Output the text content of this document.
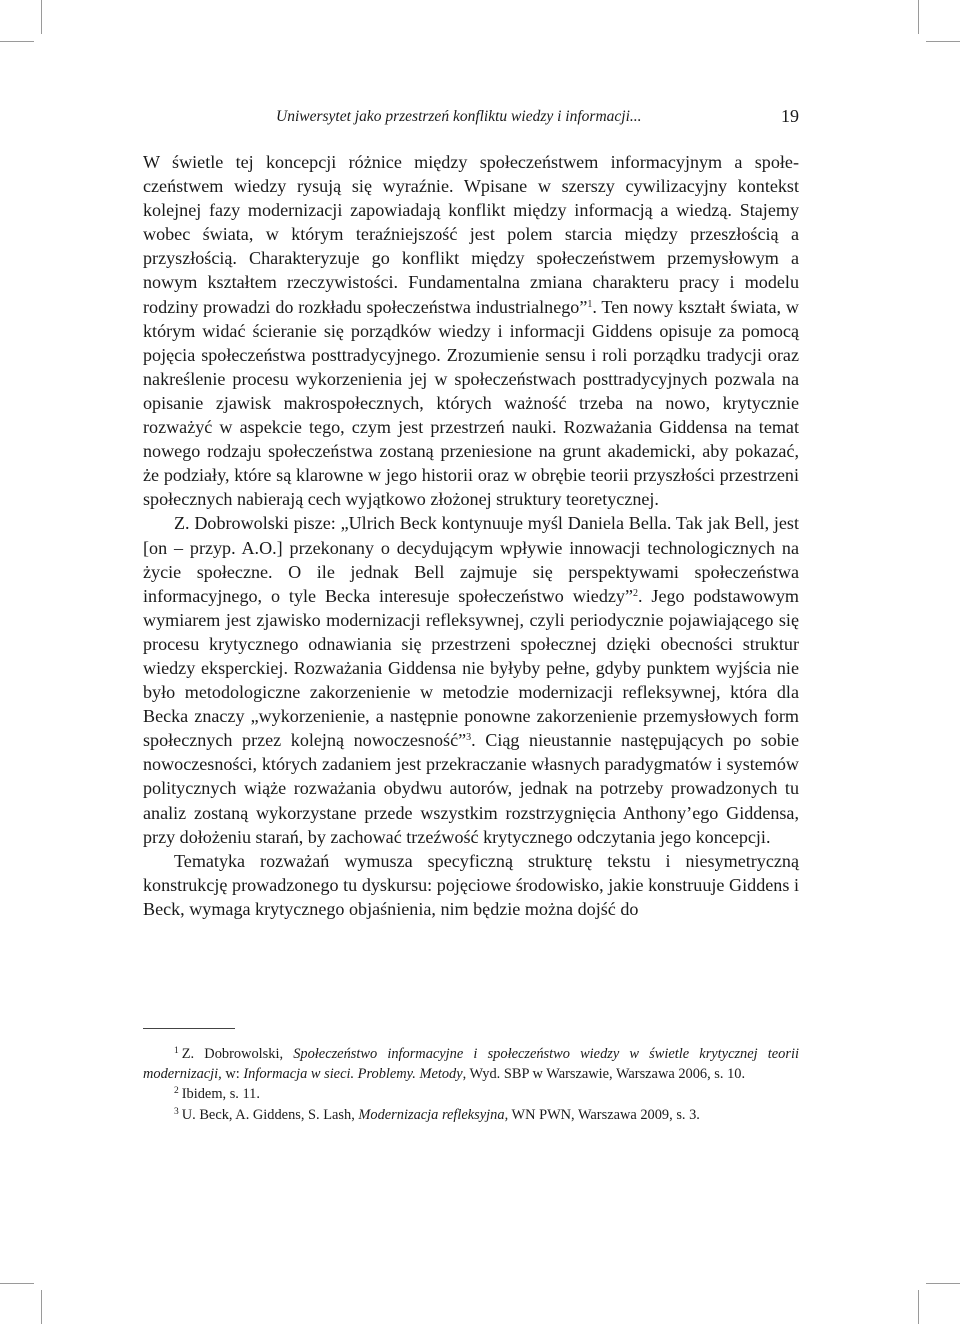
Uniwersytet jako przestrzeń konfliktu wiedzy i informacji...	19

W świetle tej koncepcji różnice między społeczeństwem informacyjnym a społeczeństwem wiedzy rysują się wyraźnie. Wpisane w szerszy cywilizacyjny kontekst kolejnej fazy modernizacji zapowiadają konflikt między informacją a wiedzą. Stajemy wobec świata, w którym teraźniejszość jest polem starcia między przeszłością a przyszłością. Charakteryzuje go konflikt między społeczeństwem przemysłowym a nowym kształtem rzeczywistości. Fundamentalna zmiana charakteru pracy i modelu rodziny prowadzi do rozkładu społeczeństwa industrialnego”$^1$. Ten nowy kształt świata, w którym widać ścieranie się porządków wiedzy i informacji Giddens opisuje za pomocą pojęcia społeczeństwa posttradycyjnego. Zrozumienie sensu i roli porządku tradycji oraz nakreślenie procesu wykorzenienia jej w społeczeństwach posttradycyjnych pozwala na opisanie zjawisk makrospołecznych, których ważność trzeba na nowo, krytycznie rozważyć w aspekcie tego, czym jest przestrzeń nauki. Rozważania Giddensa na temat nowego rodzaju społeczeństwa zostaną przeniesione na grunt akademicki, aby pokazać, że podziały, które są klarowne w jego historii oraz w obrębie teorii przyszłości przestrzeni społecznych nabierają cech wyjątkowo złożonej struktury teoretycznej.

Z. Dobrowolski pisze: „Ulrich Beck kontynuuje myśl Daniela Bella. Tak jak Bell, jest [on – przyp. A.O.] przekonany o decydującym wpływie innowacji technologicznych na życie społeczne. O ile jednak Bell zajmuje się perspektywami społeczeństwa informacyjnego, o tyle Becka interesuje społeczeństwo wiedzy”$^2$. Jego podstawowym wymiarem jest zjawisko modernizacji refleksywnej, czyli periodycznie pojawiającego się procesu krytycznego odnawiania się przestrzeni społecznej dzięki obecności struktur wiedzy eksperckiej. Rozważania Giddensa nie byłyby pełne, gdyby punktem wyjścia nie było metodologiczne zakorzenienie w metodzie modernizacji refleksywnej, która dla Becka znaczy „wykorzenienie, a następnie ponowne zakorzenienie przemysłowych form społecznych przez kolejną nowoczesność”$^3$. Ciąg nieustannie następujących po sobie nowoczesności, których zadaniem jest przekraczanie własnych paradygmatów i systemów politycznych wiąże rozważania obydwu autorów, jednak na potrzeby prowadzonych tu analiz zostaną wykorzystane przede wszystkim rozstrzygnięcia Anthony’ego Giddensa, przy dołożeniu starań, by zachować trzeźwość krytycznego odczytania jego koncepcji.

Tematyka rozważań wymusza specyficzną strukturę tekstu i niesymetryczną konstrukcję prowadzonego tu dyskursu: pojęciowe środowisko, jakie konstruuje Giddens i Beck, wymaga krytycznego objaśnienia, nim będzie można dojść do

$^1$ Z. Dobrowolski, Społeczeństwo informacyjne i społeczeństwo wiedzy w świetle krytycznej teorii modernizacji, w: Informacja w sieci. Problemy. Metody, Wyd. SBP w Warszawie, Warszawa 2006, s. 10.

$^2$ Ibidem, s. 11.

$^3$ U. Beck, A. Giddens, S. Lash, Modernizacja refleksyjna, WN PWN, Warszawa 2009, s. 3.
